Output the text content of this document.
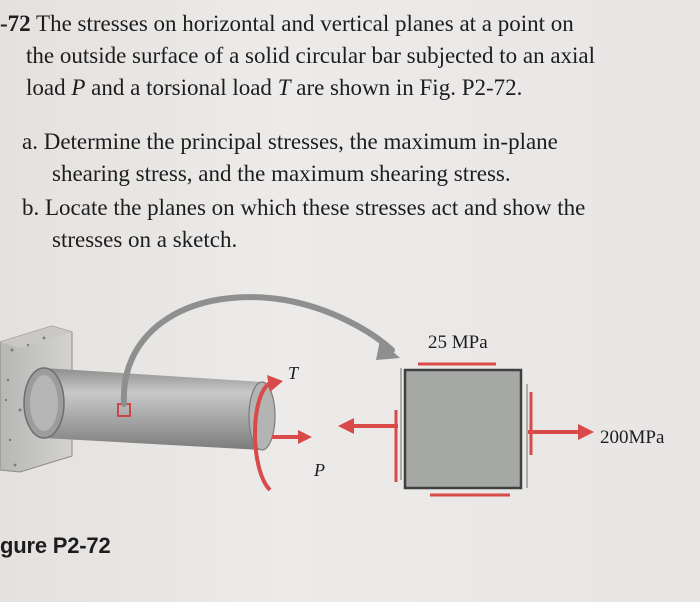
-72 The stresses on horizontal and vertical planes at a point on
the outside surface of a solid circular bar subjected to an axial
load P and a torsional load T are shown in Fig. P2-72.
a. Determine the principal stresses, the maximum in-plane
shearing stress, and the maximum shearing stress.
b. Locate the planes on which these stresses act and show the
stresses on a sketch.
T
P
25 MPa
200MPa
gure P2-72
